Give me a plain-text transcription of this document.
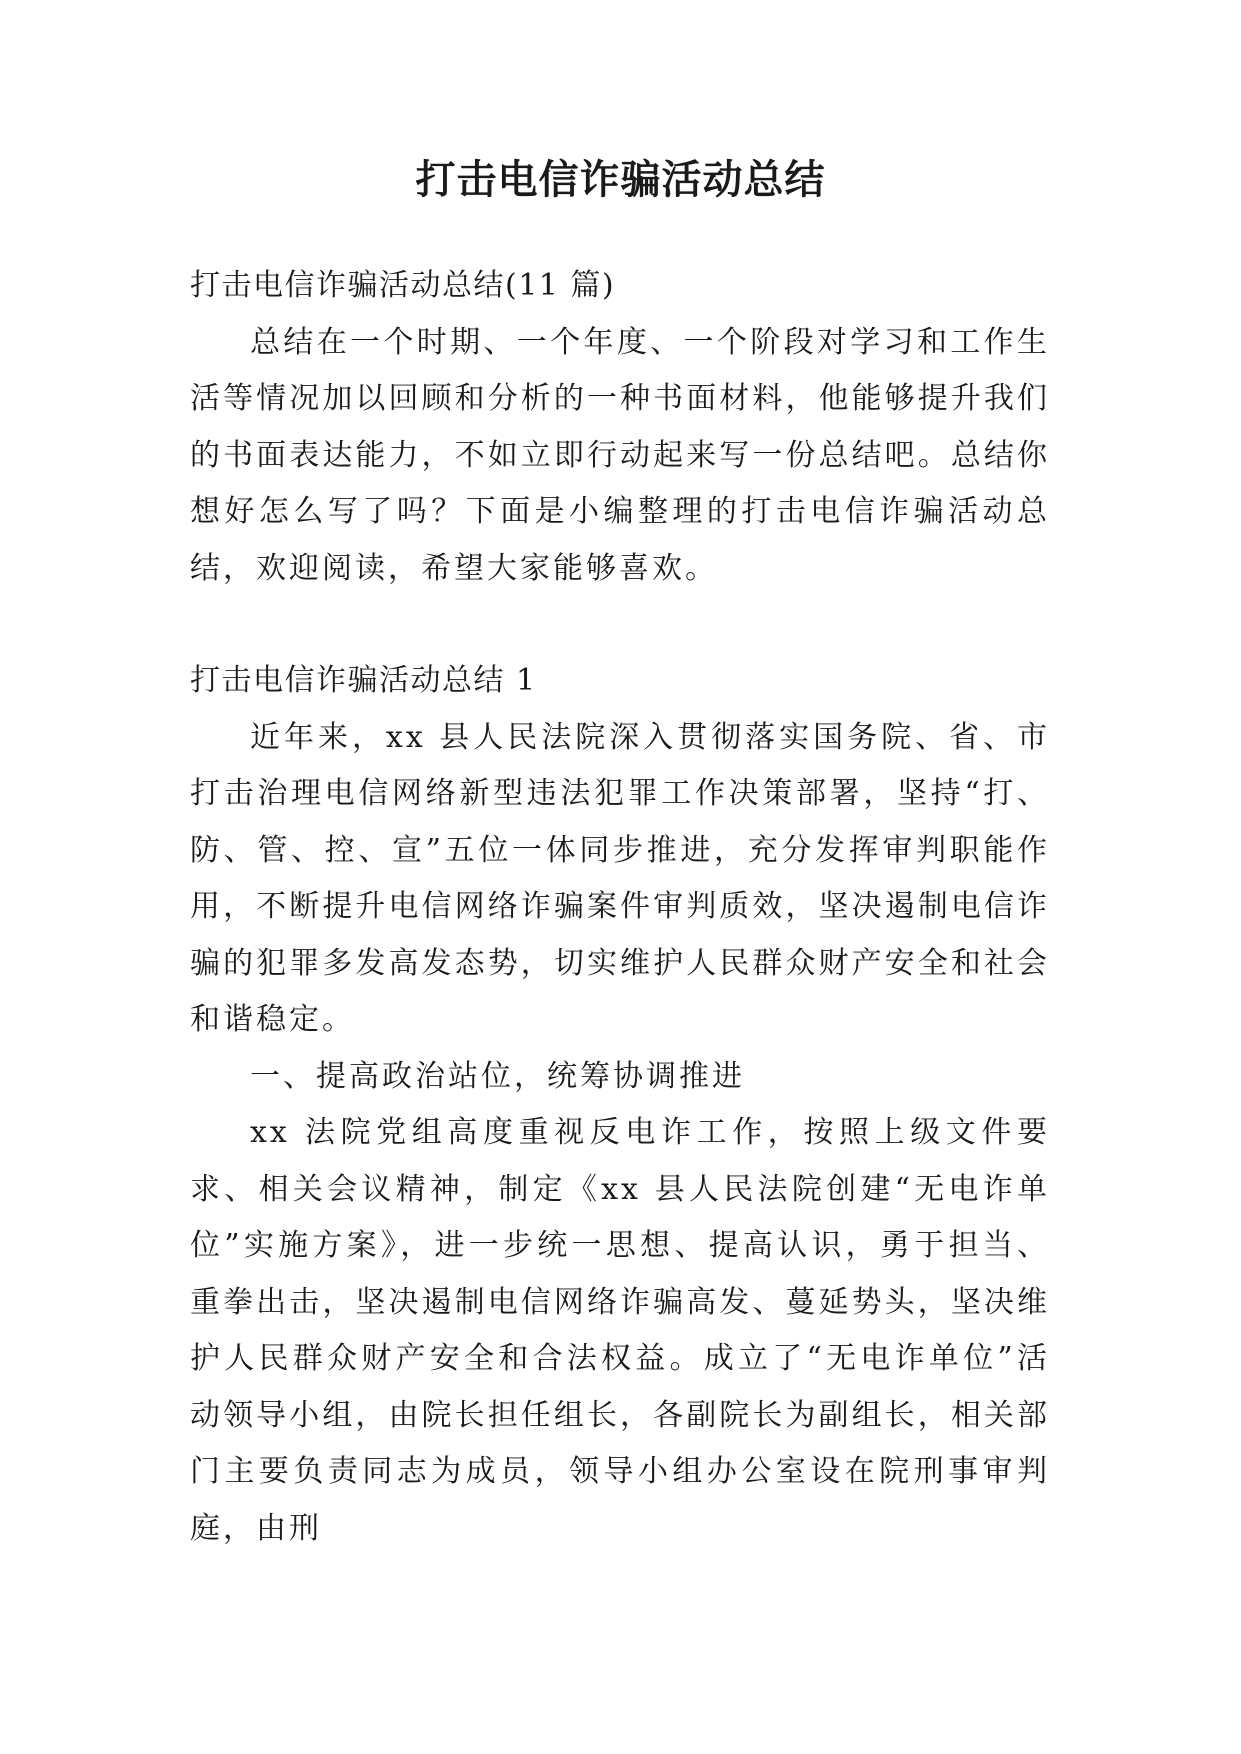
打击电信诈骗活动总结

打击电信诈骗活动总结(11 篇)

总结在一个时期、一个年度、一个阶段对学习和工作生活等情况加以回顾和分析的一种书面材料，他能够提升我们的书面表达能力，不如立即行动起来写一份总结吧。总结你想好怎么写了吗？下面是小编整理的打击电信诈骗活动总结，欢迎阅读，希望大家能够喜欢。

打击电信诈骗活动总结 1

近年来，xx 县人民法院深入贯彻落实国务院、省、市打击治理电信网络新型违法犯罪工作决策部署，坚持“打、防、管、控、宣”五位一体同步推进，充分发挥审判职能作用，不断提升电信网络诈骗案件审判质效，坚决遏制电信诈骗的犯罪多发高发态势，切实维护人民群众财产安全和社会和谐稳定。

一、提高政治站位，统筹协调推进

xx 法院党组高度重视反电诈工作，按照上级文件要求、相关会议精神，制定《xx 县人民法院创建“无电诈单位”实施方案》，进一步统一思想、提高认识，勇于担当、重拳出击，坚决遏制电信网络诈骗高发、蔓延势头，坚决维护人民群众财产安全和合法权益。成立了“无电诈单位”活动领导小组，由院长担任组长，各副院长为副组长，相关部门主要负责同志为成员，领导小组办公室设在院刑事审判庭，由刑
